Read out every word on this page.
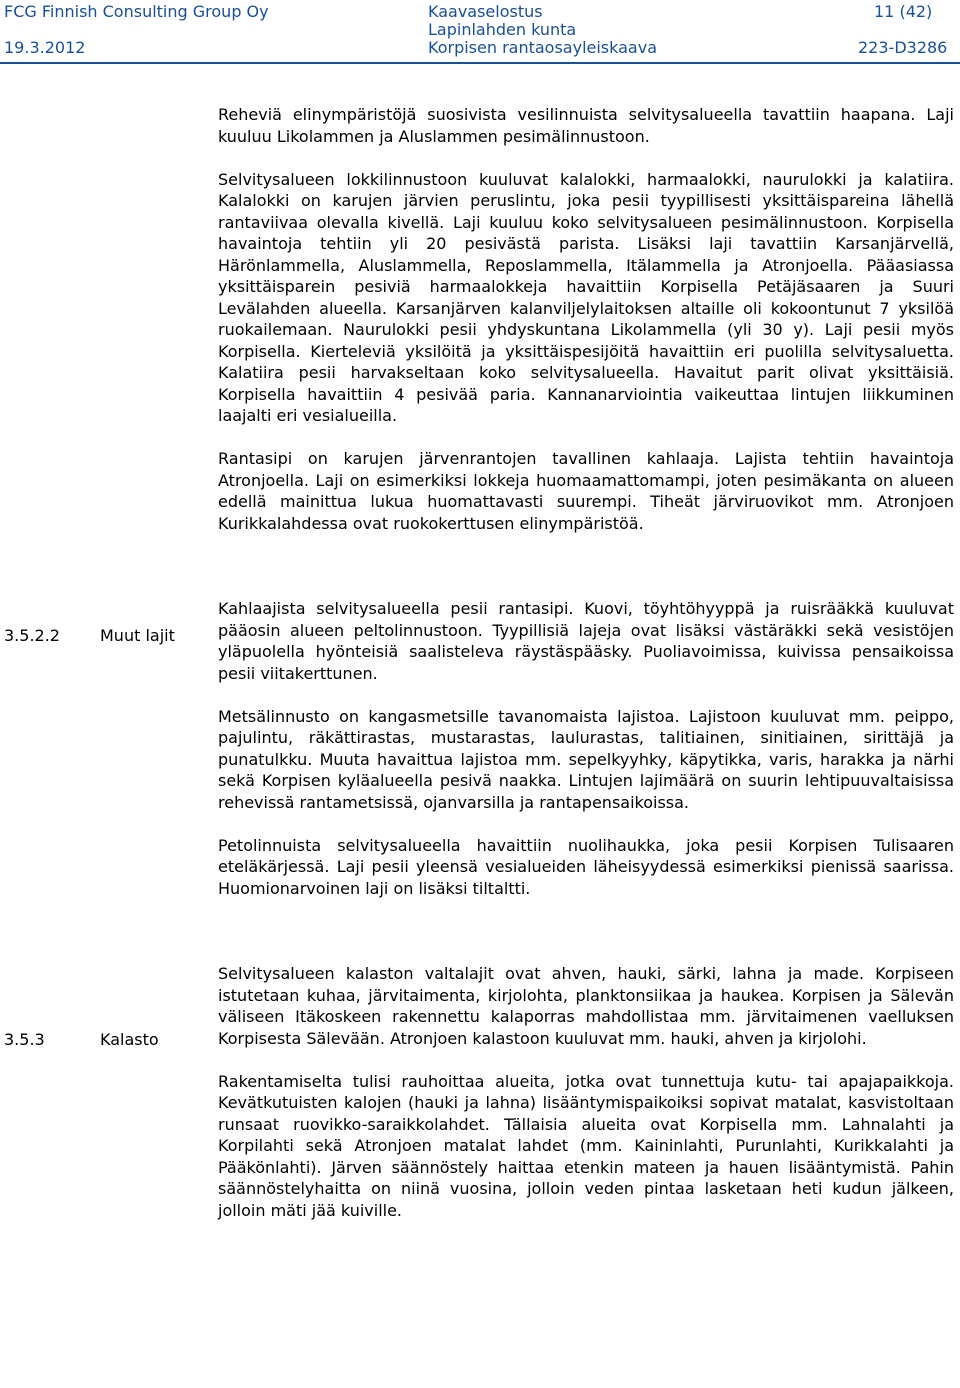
FCG Finnish Consulting Group Oy
19.3.2012
Kaavaselostus
Lapinlahden kunta
Korpisen rantaosayleiskaava
11 (42)
223-D3286
3.5.2.2	Muut lajit
3.5.3	Kalasto

Reheviä elinympäristöjä suosivista vesilinnuista selvitysalueella tavattiin haapana. Laji kuuluu Likolammen ja Aluslammen pesimälinnustoon.

Selvitysalueen lokkilinnustoon kuuluvat kalalokki, harmaalokki, naurulokki ja kalatiira. Kalalokki on karujen järvien peruslintu, joka pesii tyypillisesti yksittäispareina lähellä rantaviivaa olevalla kivellä. Laji kuuluu koko selvitysalueen pesimälinnustoon. Korpisella havaintoja tehtiin yli 20 pesivästä parista. Lisäksi laji tavattiin Karsanjärvellä, Härönlammella, Aluslammella, Reposlammella, Itälammella ja Atronjoella. Pääasiassa yksittäisparein pesiviä harmaalokkeja havaittiin Korpisella Petäjäsaaren ja Suuri Levälahden alueella. Karsanjärven kalanviljelylaitoksen altaille oli kokoontunut 7 yksilöä ruokailemaan. Naurulokki pesii yhdyskuntana Likolammella (yli 30 y). Laji pesii myös Korpisella. Kierteleviä yksilöitä ja yksittäispesijöitä havaittiin eri puolilla selvitysaluetta. Kalatiira pesii harvakseltaan koko selvitysalueella. Havaitut parit olivat yksittäisiä. Korpisella havaittiin 4 pesivää paria. Kannanarviointia vaikeuttaa lintujen liikkuminen laajalti eri vesialueilla.

Rantasipi on karujen järvenrantojen tavallinen kahlaaja. Lajista tehtiin havaintoja Atronjoella. Laji on esimerkiksi lokkeja huomaamattomampi, joten pesimäkanta on alueen edellä mainittua lukua huomattavasti suurempi. Tiheät järviruovikot mm. Atronjoen Kurikkalahdessa ovat ruokokerttusen elinympäristöä.

Kahlaajista selvitysalueella pesii rantasipi. Kuovi, töyhtöhyyppä ja ruisrääkkä kuuluvat pääosin alueen peltolinnustoon. Tyypillisiä lajeja ovat lisäksi västäräkki sekä vesistöjen yläpuolella hyönteisiä saalisteleva räystäspääsky. Puoliavoimissa, kuivissa pensaikoissa pesii viitakerttunen.

Metsälinnusto on kangasmetsille tavanomaista lajistoa. Lajistoon kuuluvat mm. peippo, pajulintu, räkättirastas, mustarastas, laulurastas, talitiainen, sinitiainen, sirittäjä ja punatulkku. Muuta havaittua lajistoa mm. sepelkyyhky, käpytikka, varis, harakka ja närhi sekä Korpisen kyläalueella pesivä naakka. Lintujen lajimäärä on suurin lehtipuuvaltaisissa rehevissä rantametsissä, ojanvarsilla ja rantapensaikoissa.

Petolinnuista selvitysalueella havaittiin nuolihaukka, joka pesii Korpisen Tulisaaren eteläkärjessä. Laji pesii yleensä vesialueiden läheisyydessä esimerkiksi pienissä saarissa. Huomionarvoinen laji on lisäksi tiltaltti.

Selvitysalueen kalaston valtalajit ovat ahven, hauki, särki, lahna ja made. Korpiseen istutetaan kuhaa, järvitaimenta, kirjolohta, planktonsiikaa ja haukea. Korpisen ja Sälevän väliseen Itäkoskeen rakennettu kalaporras mahdollistaa mm. järvitaimenen vaelluksen Korpisesta Sälevään. Atronjoen kalastoon kuuluvat mm. hauki, ahven ja kirjolohi.

Rakentamiselta tulisi rauhoittaa alueita, jotka ovat tunnettuja kutu- tai apajapaikkoja. Kevätkutuisten kalojen (hauki ja lahna) lisääntymispaikoiksi sopivat matalat, kasvistoltaan runsaat ruovikko-saraikkolahdet. Tällaisia alueita ovat Korpisella mm. Lahnalahti ja Korpilahti sekä Atronjoen matalat lahdet (mm. Kaininlahti, Purunlahti, Kurikkalahti ja Pääkönlahti). Järven säännöstely haittaa etenkin mateen ja hauen lisääntymistä. Pahin säännöstelyhaitta on niinä vuosina, jolloin veden pintaa lasketaan heti kudun jälkeen, jolloin mäti jää kuiville.
